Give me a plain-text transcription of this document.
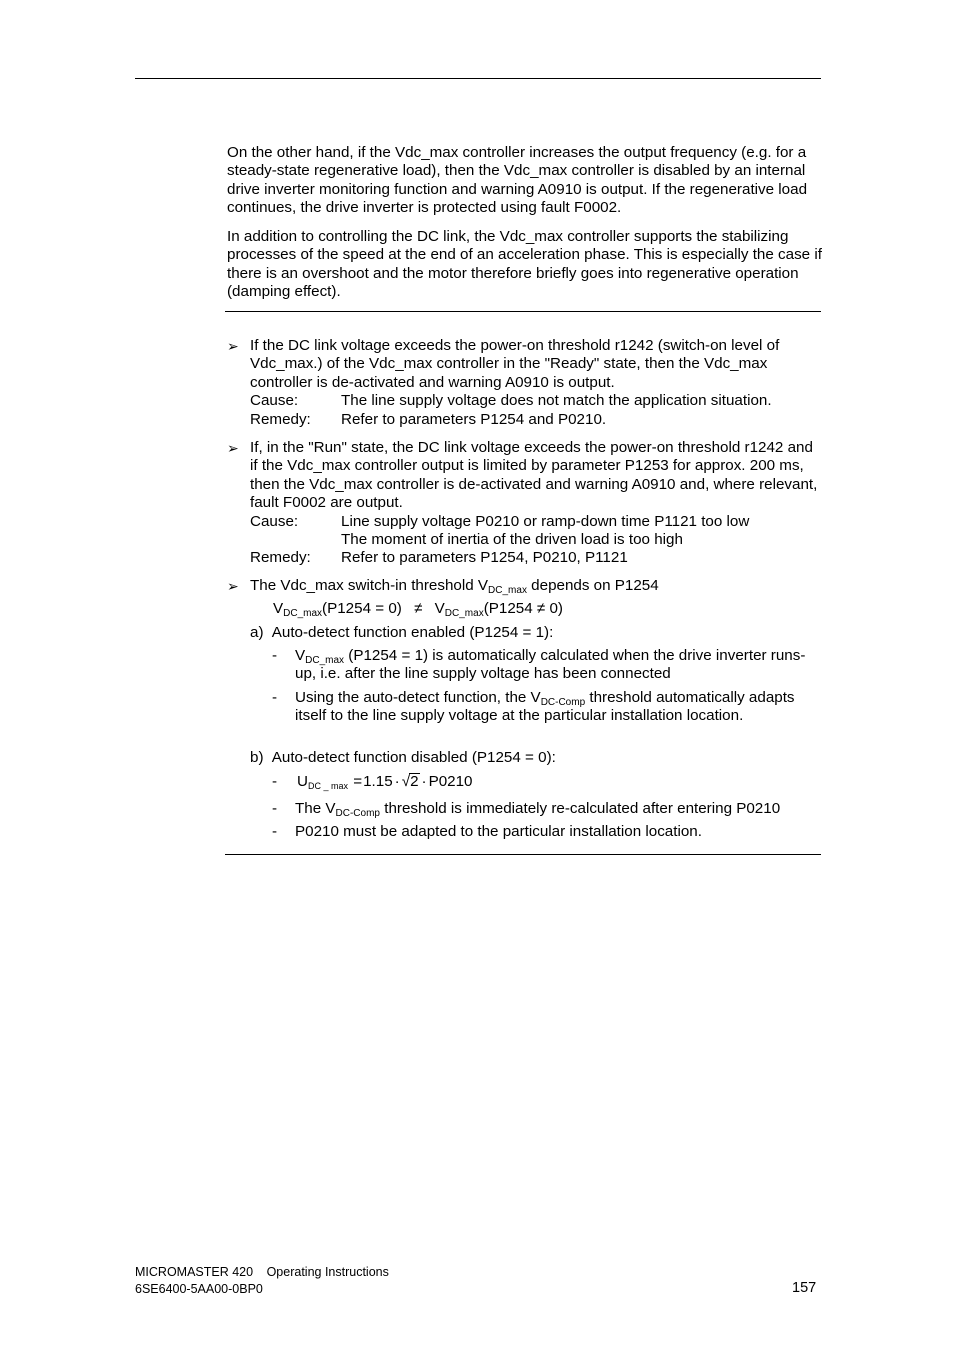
On the other hand, if the Vdc_max controller increases the output frequency (e.g. for a steady-state regenerative load), then the Vdc_max controller is disabled by an internal drive inverter monitoring function and warning A0910 is output. If the regenerative load continues, the drive inverter is protected using fault F0002.

In addition to controlling the DC link, the Vdc_max controller supports the stabilizing processes of the speed at the end of an acceleration phase. This is especially the case if there is an overshoot and the motor therefore briefly goes into regenerative operation (damping effect).

➢ If the DC link voltage exceeds the power-on threshold r1242 (switch-on level of Vdc_max.) of the Vdc_max controller in the "Ready" state, then the Vdc_max controller is de-activated and warning A0910 is output.
Cause:	The line supply voltage does not match the application situation.
Remedy:	Refer to parameters P1254 and P0210.
➢ If, in the "Run" state, the DC link voltage exceeds the power-on threshold r1242 and if the Vdc_max controller output is limited by parameter P1253 for approx. 200 ms, then the Vdc_max controller is de-activated and warning A0910 and, where relevant, fault F0002 are output.
Cause:	Line supply voltage P0210 or ramp-down time P1121 too low
The moment of inertia of the driven load is too high
Remedy:	Refer to parameters P1254, P0210, P1121
➢ The Vdc_max switch-in threshold $V_{DC\_max}$ depends on P1254
$V_{DC\_max}(P1254 = 0) \ne V_{DC\_max}(P1254 \ne 0)$
a) Auto-detect function enabled (P1254 = 1):
- $V_{DC\_max}$ (P1254 = 1) is automatically calculated when the drive inverter runs-up, i.e. after the line supply voltage has been connected
- Using the auto-detect function, the $V_{DC-Comp}$ threshold automatically adapts itself to the line supply voltage at the particular installation location.
b) Auto-detect function disabled (P1254 = 0):
- $U_{DC \_ max} =1.15 \cdot √2 \cdot P0210$
- The $V_{DC-Comp}$ threshold is immediately re-calculated after entering P0210
- P0210 must be adapted to the particular installation location.
MICROMASTER 420 Operating Instructions
6SE6400-5AA00-0BP0	157
